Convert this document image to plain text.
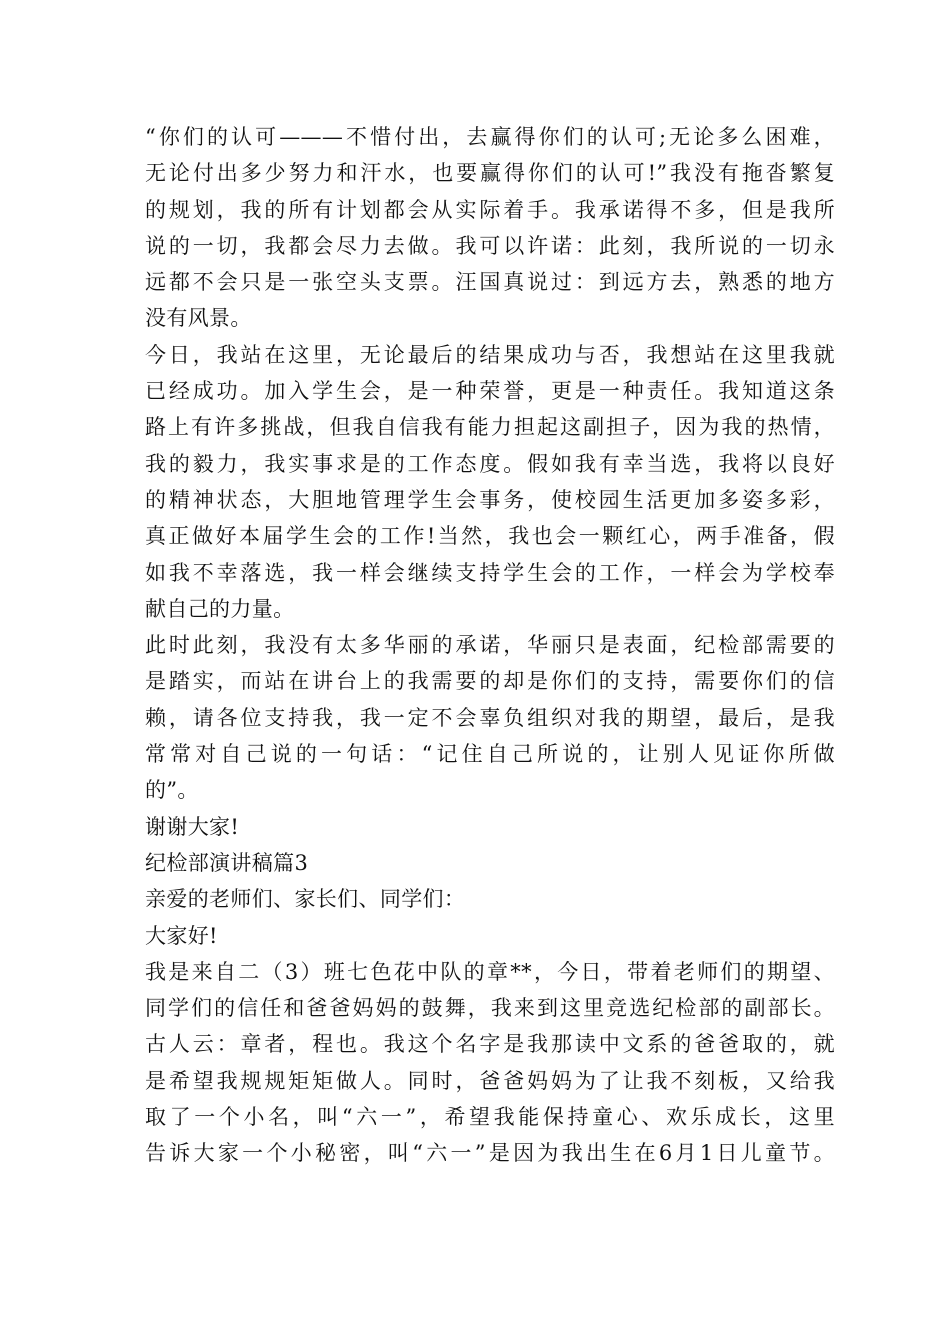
“你们的认可———不惜付出，去赢得你们的认可;无论多么困难，
无论付出多少努力和汗水，也要赢得你们的认可!”我没有拖沓繁复
的规划，我的所有计划都会从实际着手。我承诺得不多，但是我所
说的一切，我都会尽力去做。我可以许诺：此刻，我所说的一切永
远都不会只是一张空头支票。汪国真说过：到远方去，熟悉的地方
没有风景。
今日，我站在这里，无论最后的结果成功与否，我想站在这里我就
已经成功。加入学生会，是一种荣誉，更是一种责任。我知道这条
路上有许多挑战，但我自信我有能力担起这副担子，因为我的热情，
我的毅力，我实事求是的工作态度。假如我有幸当选，我将以良好
的精神状态，大胆地管理学生会事务，使校园生活更加多姿多彩，
真正做好本届学生会的工作!当然，我也会一颗红心，两手准备，假
如我不幸落选，我一样会继续支持学生会的工作，一样会为学校奉
献自己的力量。
此时此刻，我没有太多华丽的承诺，华丽只是表面，纪检部需要的
是踏实，而站在讲台上的我需要的却是你们的支持，需要你们的信
赖，请各位支持我，我一定不会辜负组织对我的期望，最后，是我
常常对自己说的一句话：“记住自己所说的，让别人见证你所做
的”。
谢谢大家!
纪检部演讲稿篇3
亲爱的老师们、家长们、同学们：
大家好!
我是来自二（3）班七色花中队的章**，今日，带着老师们的期望、
同学们的信任和爸爸妈妈的鼓舞，我来到这里竞选纪检部的副部长。
古人云：章者，程也。我这个名字是我那读中文系的爸爸取的，就
是希望我规规矩矩做人。同时，爸爸妈妈为了让我不刻板，又给我
取了一个小名，叫“六一”，希望我能保持童心、欢乐成长，这里
告诉大家一个小秘密，叫“六一”是因为我出生在6月1日儿童节。
